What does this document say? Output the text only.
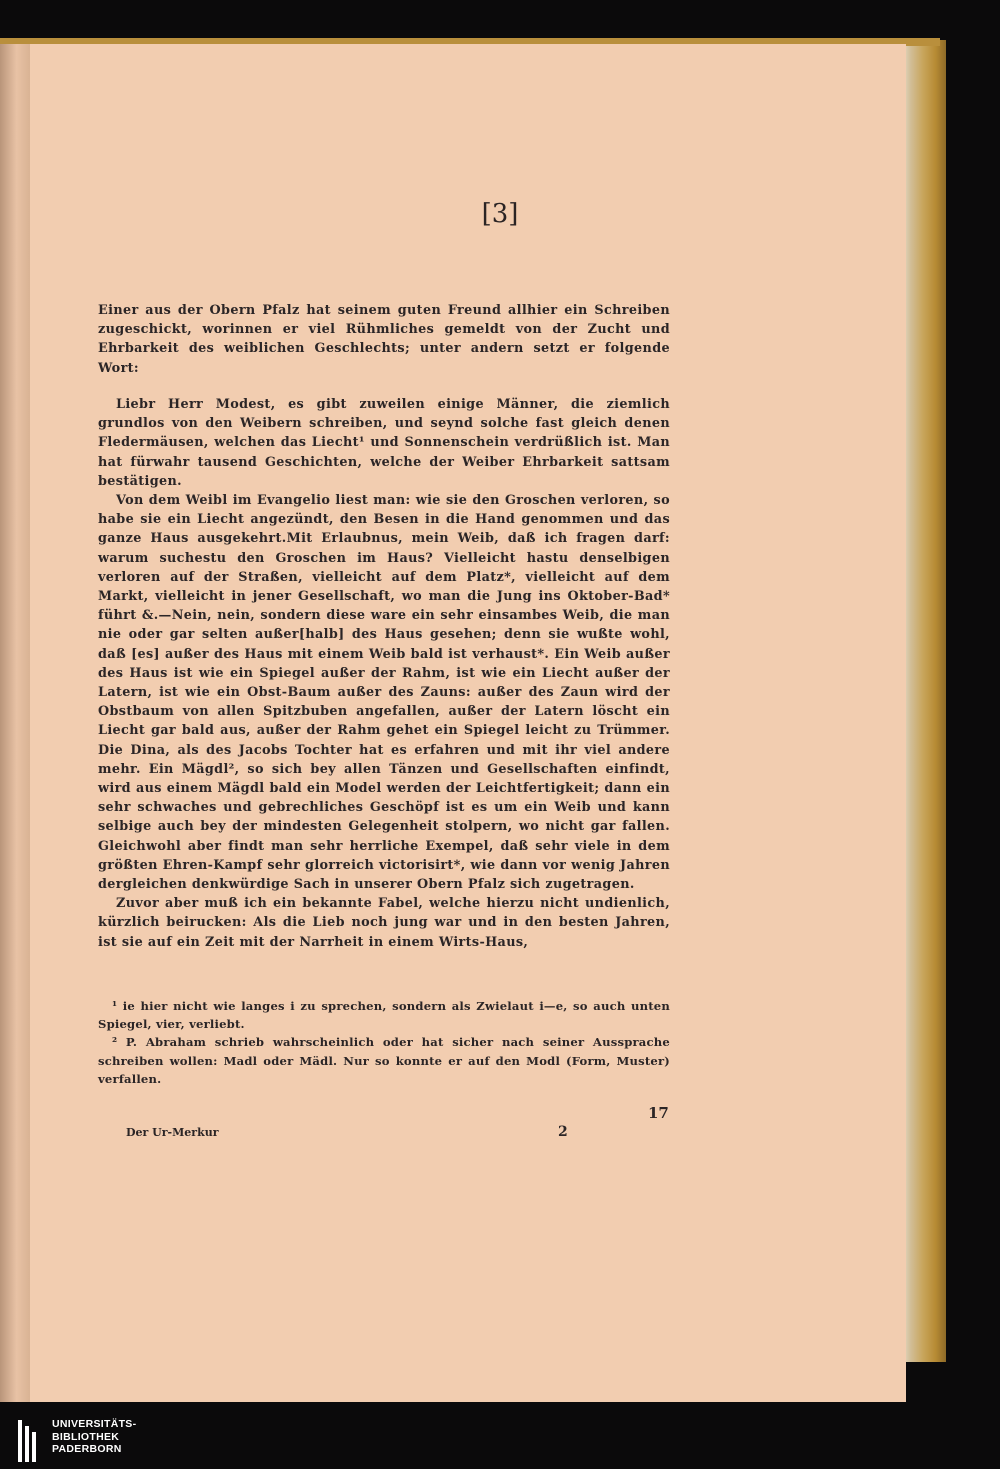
[3]

Einer aus der Obern Pfalz hat seinem guten Freund allhier ein Schreiben zugeschickt, worinnen er viel Rühmliches gemeldt von der Zucht und Ehrbarkeit des weiblichen Geschlechts; unter andern setzt er folgende Wort:

Liebr Herr Modest, es gibt zuweilen einige Männer, die ziemlich grundlos von den Weibern schreiben, und seynd solche fast gleich denen Fledermäusen, welchen das Liecht¹ und Sonnenschein verdrüßlich ist. Man hat fürwahr tausend Geschichten, welche der Weiber Ehrbarkeit sattsam bestätigen.

Von dem Weibl im Evangelio liest man: wie sie den Groschen verloren, so habe sie ein Liecht angezündt, den Besen in die Hand genommen und das ganze Haus ausgekehrt.Mit Erlaubnus, mein Weib, daß ich fragen darf: warum suchestu den Groschen im Haus? Vielleicht hastu denselbigen verloren auf der Straßen, vielleicht auf dem Platz*, vielleicht auf dem Markt, vielleicht in jener Gesellschaft, wo man die Jung ins Oktober-Bad* führt &.—Nein, nein, sondern diese ware ein sehr einsambes Weib, die man nie oder gar selten außer[halb] des Haus gesehen; denn sie wußte wohl, daß [es] außer des Haus mit einem Weib bald ist verhaust*. Ein Weib außer des Haus ist wie ein Spiegel außer der Rahm, ist wie ein Liecht außer der Latern, ist wie ein Obst-Baum außer des Zauns: außer des Zaun wird der Obstbaum von allen Spitzbuben angefallen, außer der Latern löscht ein Liecht gar bald aus, außer der Rahm gehet ein Spiegel leicht zu Trümmer. Die Dina, als des Jacobs Tochter hat es erfahren und mit ihr viel andere mehr. Ein Mägdl², so sich bey allen Tänzen und Gesellschaften einfindt, wird aus einem Mägdl bald ein Model werden der Leichtfertigkeit; dann ein sehr schwaches und gebrechliches Geschöpf ist es um ein Weib und kann selbige auch bey der mindesten Gelegenheit stolpern, wo nicht gar fallen. Gleichwohl aber findt man sehr herrliche Exempel, daß sehr viele in dem größten Ehren-Kampf sehr glorreich victorisirt*, wie dann vor wenig Jahren dergleichen denkwürdige Sach in unserer Obern Pfalz sich zugetragen.

Zuvor aber muß ich ein bekannte Fabel, welche hierzu nicht undienlich, kürzlich beirucken: Als die Lieb noch jung war und in den besten Jahren, ist sie auf ein Zeit mit der Narrheit in einem Wirts-Haus,

¹ ie hier nicht wie langes i zu sprechen, sondern als Zwielaut i—e, so auch unten Spiegel, vier, verliebt.

² P. Abraham schrieb wahrscheinlich oder hat sicher nach seiner Aussprache schreiben wollen: Madl oder Mädl. Nur so konnte er auf den Modl (Form, Muster) verfallen.

17
Der Ur-Merkur	2
UNIVERSITÄTS-
BIBLIOTHEK
PADERBORN
